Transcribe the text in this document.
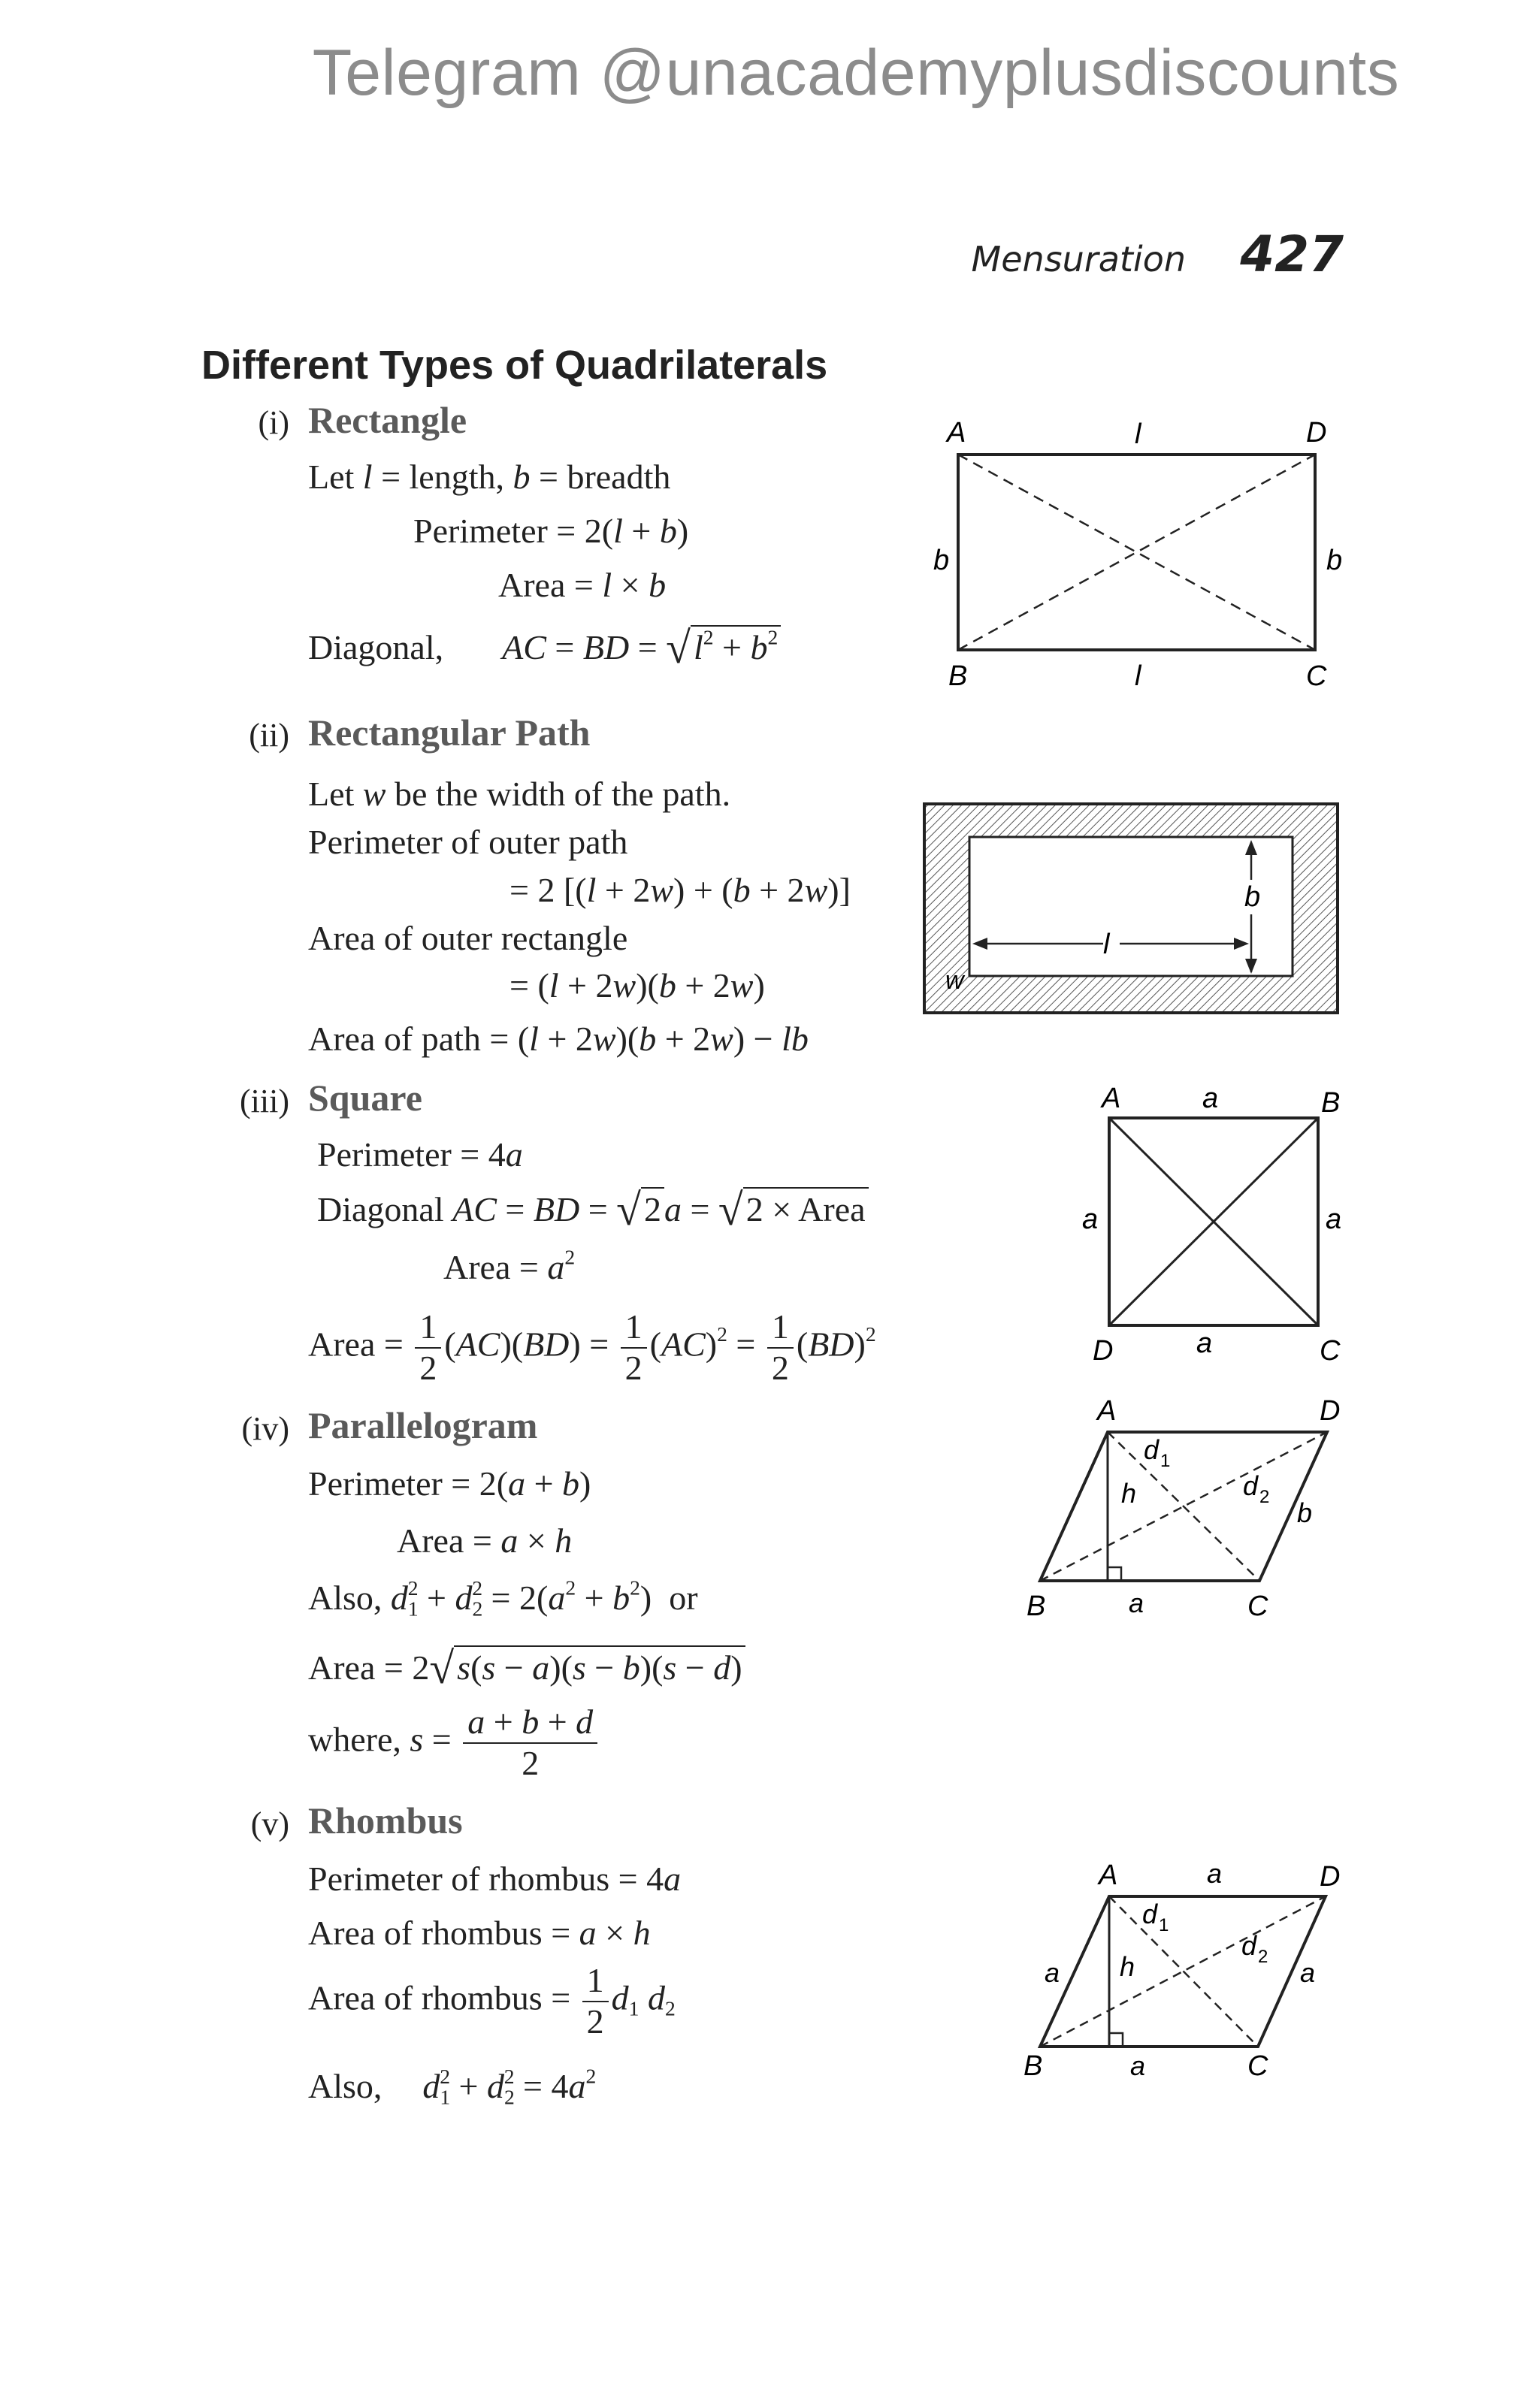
Telegram @unacademyplusdiscounts
Mensuration 427
Different Types of Quadrilaterals
(i) Rectangle
Let l = length, b = breadth
Perimeter = 2(l + b)
Area = l × b
Diagonal, AC = BD = $√l^2 + b^2$
A	D
B	C
l
l
b	b
(ii) Rectangular Path
Let w be the width of the path.
Perimeter of outer path
= 2 [(l + 2w) + (b + 2w)]
Area of outer rectangle
= (l + 2w)(b + 2w)
Area of path = (l + 2w)(b + 2w) − lb
l
b
w
(iii) Square
Perimeter = 4a
Diagonal AC = BD = √2a = √2 × Area
Area = $a^2$
Area = $\frac{1}{2} (AC)(BD) = \frac{1}{2} (AC)^2 = \frac{1}{2} (BD)^2$
A	B
D	C
a
a
a	a
(iv) Parallelogram
Perimeter = 2(a + b)
Area = a × h
Also, $d_1^2 + d_2^2 = 2(a^2 + b^2)$  or
Area = 2√s(s − a)(s − b)(s − d)
where, $s = \frac{a + b + d}{2}$
A	D
B	C
h
a
b
d 1
d 2
(v) Rhombus
Perimeter of rhombus = 4a
Area of rhombus = a × h
Area of rhombus = $\frac{1}{2} d_1$ $d_2$
Also, $d_1^2 + d_2^2 = 4a^2$
A	D
B	C
a
a
a	a
h
d 1
d 2
